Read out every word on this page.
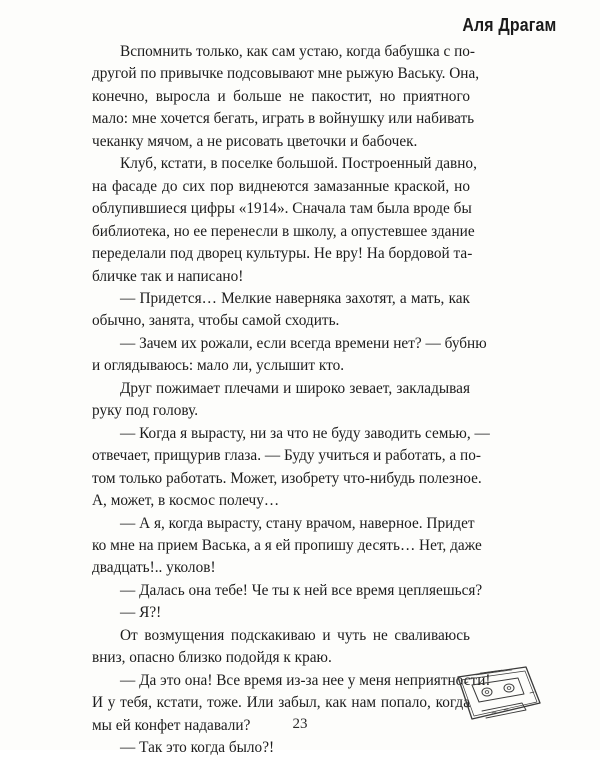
Аля Драгам

Вспомнить только, как сам устаю, когда бабушка с по-
другой по привычке подсовывают мне рыжую Ваську. Она,
конечно, выросла и больше не пакостит, но приятного
мало: мне хочется бегать, играть в войнушку или набивать
чеканку мячом, а не рисовать цветочки и бабочек.

Клуб, кстати, в поселке большой. Построенный давно,
на фасаде до сих пор виднеются замазанные краской, но
облупившиеся цифры «1914». Сначала там была вроде бы
библиотека, но ее перенесли в школу, а опустевшее здание
переделали под дворец культуры. Не вру! На бордовой та-
бличке так и написано!

— Придется… Мелкие наверняка захотят, а мать, как
обычно, занята, чтобы самой сходить.

— Зачем их рожали, если всегда времени нет? — бубню
и оглядываюсь: мало ли, услышит кто.

Друг пожимает плечами и широко зевает, закладывая
руку под голову.

— Когда я вырасту, ни за что не буду заводить семью, —
отвечает, прищурив глаза. — Буду учиться и работать, а по-
том только работать. Может, изобрету что-нибудь полезное.
А, может, в космос полечу…

— А я, когда вырасту, стану врачом, наверное. Придет
ко мне на прием Васька, а я ей пропишу десять… Нет, даже
двадцать!.. уколов!

— Далась она тебе! Че ты к ней все время цепляешься?

— Я?!

От возмущения подскакиваю и чуть не сваливаюсь
вниз, опасно близко подойдя к краю.

— Да это она! Все время из-за нее у меня неприятности!
И у тебя, кстати, тоже. Или забыл, как нам попало, когда
мы ей конфет надавали?

— Так это когда было?!

23
